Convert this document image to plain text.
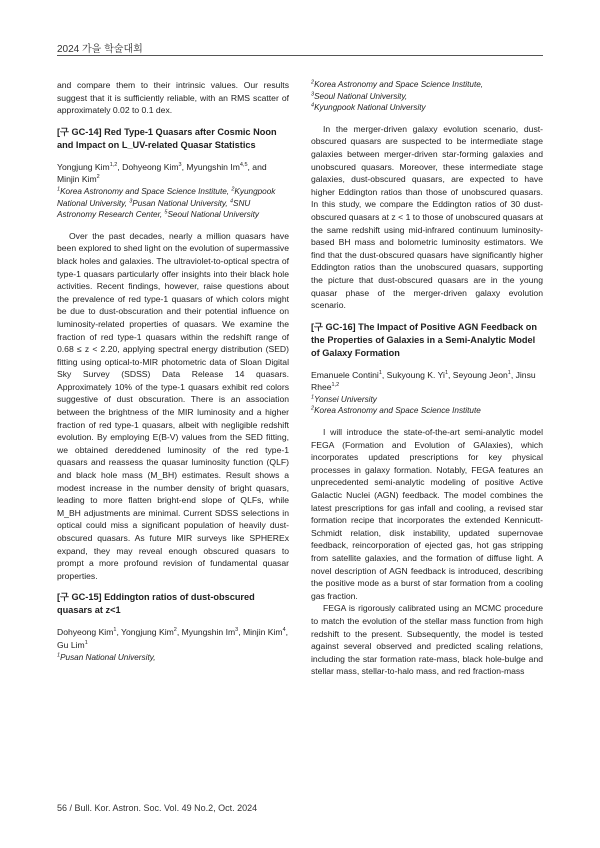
2024 가을 학술대회

and compare them to their intrinsic values. Our results suggest that it is sufficiently reliable, with an RMS scatter of approximately 0.02 to 0.1 dex.

[구 GC-14] Red Type-1 Quasars after Cosmic Noon and Impact on L_UV-related Quasar Statistics

Yongjung Kim$^{1,2}$, Dohyeong Kim$^3$, Myungshin Im$^{4,5}$, and Minjin Kim$^2$

$^1$Korea Astronomy and Space Science Institute, $^2$Kyungpook National University, $^3$Pusan National University, $^4$SNU Astronomy Research Center, $^5$Seoul National University

Over the past decades, nearly a million quasars have been explored to shed light on the evolution of supermassive black holes and galaxies. The ultraviolet-to-optical spectra of type-1 quasars particularly offer insights into their black hole activities. Recent findings, however, raise questions about the prevalence of red type-1 quasars of which colors might be due to dust-obscuration and their potential influence on luminosity-related properties of quasars. We examine the fraction of red type-1 quasars within the redshift range of 0.68 ≤ z < 2.20, applying spectral energy distribution (SED) fitting using optical-to-MIR photometric data of Sloan Digital Sky Survey (SDSS) Data Release 14 quasars. Approximately 10% of the type-1 quasars exhibit red colors suggestive of dust obscuration. There is an association between the brightness of the MIR luminosity and a higher fraction of red type-1 quasars, albeit with negligible redshift evolution. By employing E(B-V) values from the SED fitting, we obtained dereddened luminosity of the red type-1 quasars and reassess the quasar luminosity function (QLF) and black hole mass (M_BH) estimates. Result shows a modest increase in the number density of bright quasars, leading to more flatten bright-end slope of QLFs, while M_BH adjustments are minimal. Current SDSS selections in optical could miss a significant population of heavily dust-obscured quasars. As future MIR surveys like SPHEREx expand, they may reveal enough obscured quasars to prompt a more profound revision of fundamental quasar properties.

[구 GC-15] Eddington ratios of dust-obscured quasars at z<1

Dohyeong Kim$^1$, Yongjung Kim$^2$, Myungshin Im$^3$, Minjin Kim$^4$, Gu Lim$^1$

$^1$Pusan National University,

$^2$Korea Astronomy and Space Science Institute,

$^3$Seoul National University,

$^4$Kyungpook National University

In the merger-driven galaxy evolution scenario, dust-obscured quasars are suspected to be intermediate stage galaxies between merger-driven star-forming galaxies and unobscured quasars. Moreover, these intermediate stage galaxies, dust-obscured quasars, are expected to have higher Eddington ratios than those of unobscured quasars. In this study, we compare the Eddington ratios of 30 dust-obscured quasars at z < 1 to those of unobscured quasars at the same redshift using mid-infrared continuum luminosity-based BH mass and bolometric luminosity estimators. We find that the dust-obscured quasars have significantly higher Eddington ratios than the unobscured quasars, supporting the picture that dust-obscured quasars are in the young quasar phase of the merger-driven galaxy evolution scenario.

[구 GC-16] The Impact of Positive AGN Feedback on the Properties of Galaxies in a Semi-Analytic Model of Galaxy Formation

Emanuele Contini$^1$, Sukyoung K. Yi$^1$, Seyoung Jeon$^1$, Jinsu Rhee$^{1,2}$

$^1$Yonsei University

$^2$Korea Astronomy and Space Science Institute

I will introduce the state-of-the-art semi-analytic model FEGA (Formation and Evolution of GAlaxies), which incorporates updated prescriptions for key physical processes in galaxy formation. Notably, FEGA features an unprecedented semi-analytic modeling of positive Active Galactic Nuclei (AGN) feedback. The model combines the latest prescriptions for gas infall and cooling, a revised star formation recipe that incorporates the extended Kennicutt-Schmidt relation, disk instability, updated supernovae feedback, reincorporation of ejected gas, hot gas stripping from satellite galaxies, and the formation of diffuse light. A novel description of AGN feedback is introduced, describing the positive mode as a burst of star formation from a cooling gas fraction.

FEGA is rigorously calibrated using an MCMC procedure to match the evolution of the stellar mass function from high redshift to the present. Subsequently, the model is tested against several observed and predicted scaling relations, including the star formation rate-mass, black hole-bulge and stellar mass, stellar-to-halo mass, and red fraction-mass

56 / Bull. Kor. Astron. Soc. Vol. 49 No.2, Oct. 2024
